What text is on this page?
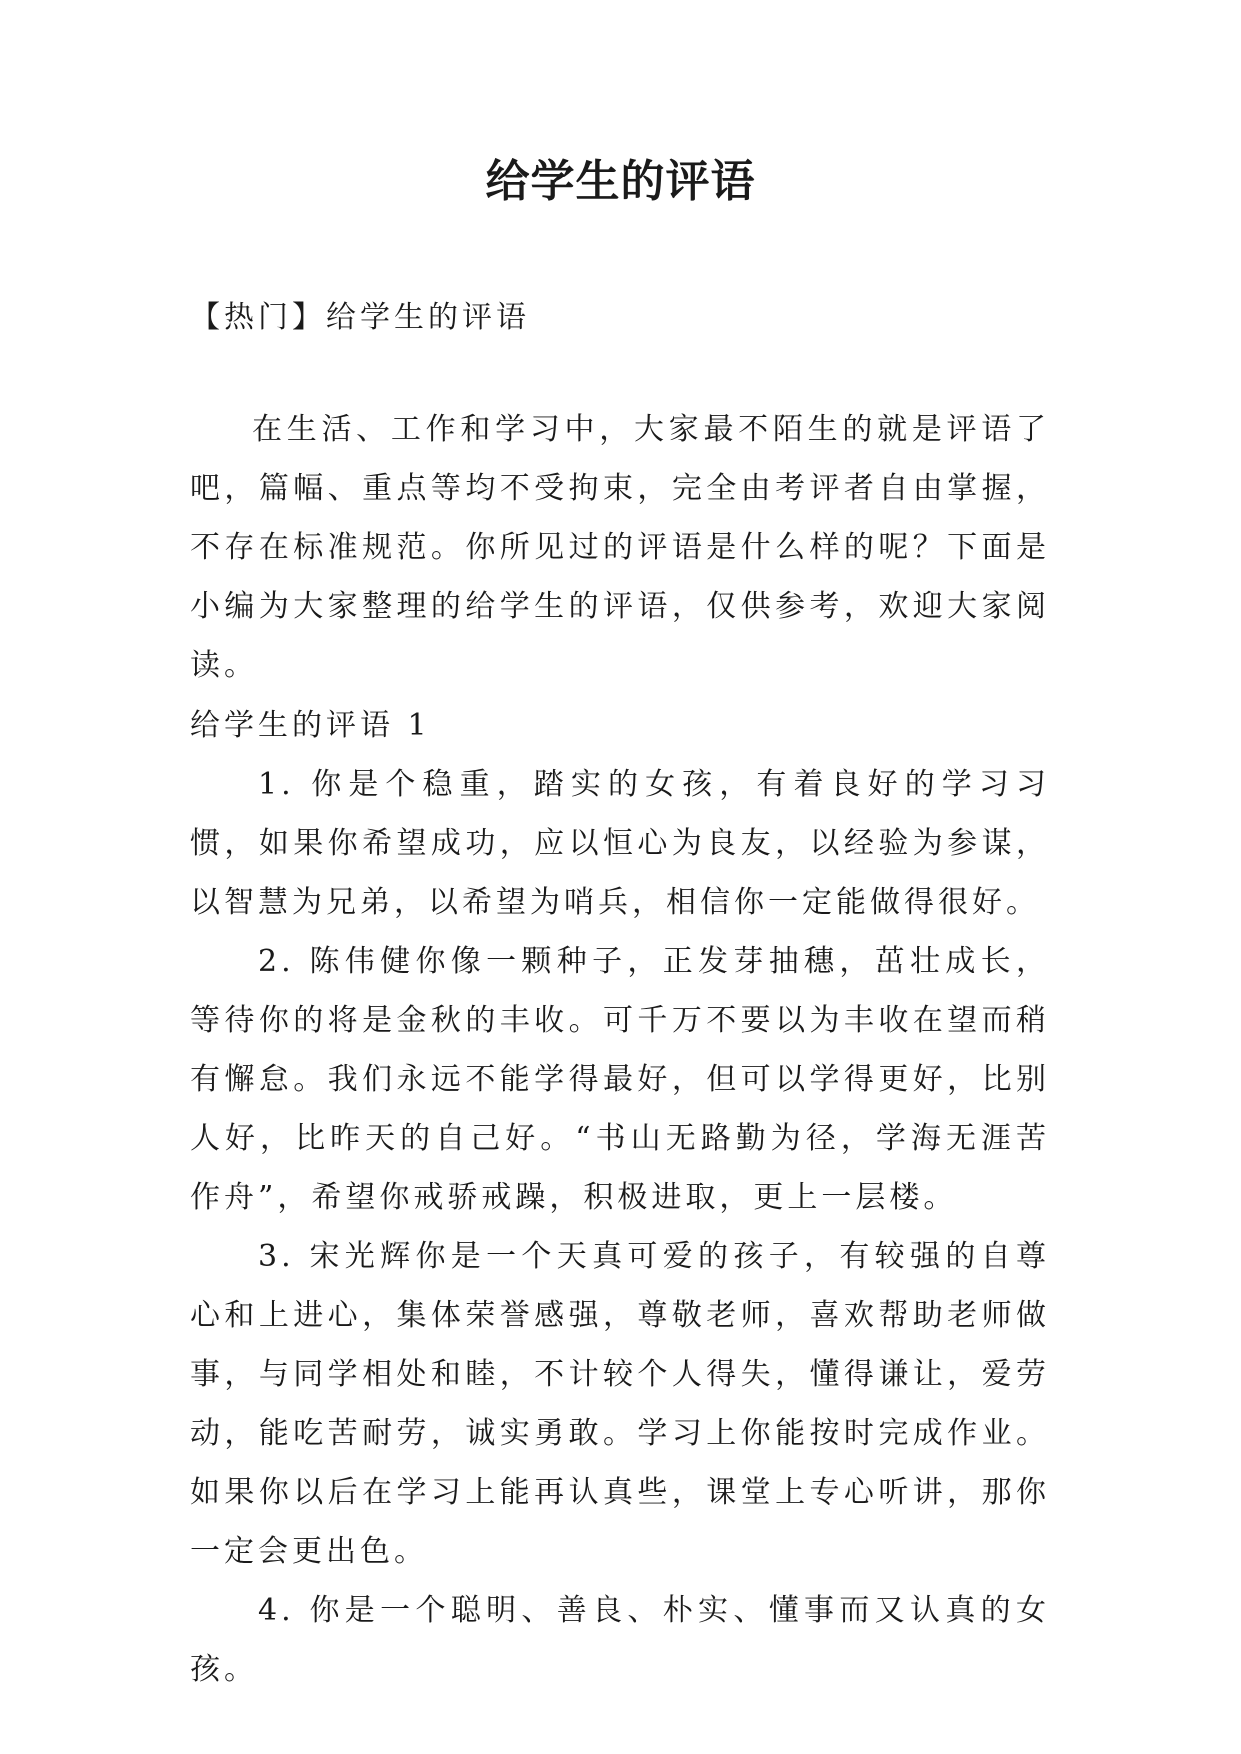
给学生的评语

【热门】给学生的评语

在生活、工作和学习中，大家最不陌生的就是评语了吧，篇幅、重点等均不受拘束，完全由考评者自由掌握，不存在标准规范。你所见过的评语是什么样的呢？下面是小编为大家整理的给学生的评语，仅供参考，欢迎大家阅读。

给学生的评语 1

1. 你是个稳重，踏实的女孩，有着良好的学习习惯，如果你希望成功，应以恒心为良友，以经验为参谋，以智慧为兄弟，以希望为哨兵，相信你一定能做得很好。

2. 陈伟健你像一颗种子，正发芽抽穗，茁壮成长，等待你的将是金秋的丰收。可千万不要以为丰收在望而稍有懈怠。我们永远不能学得最好，但可以学得更好，比别人好，比昨天的自己好。“书山无路勤为径，学海无涯苦作舟”，希望你戒骄戒躁，积极进取，更上一层楼。

3. 宋光辉你是一个天真可爱的孩子，有较强的自尊心和上进心，集体荣誉感强，尊敬老师，喜欢帮助老师做事，与同学相处和睦，不计较个人得失，懂得谦让，爱劳动，能吃苦耐劳，诚实勇敢。学习上你能按时完成作业。如果你以后在学习上能再认真些，课堂上专心听讲，那你一定会更出色。

4. 你是一个聪明、善良、朴实、懂事而又认真的女孩。
